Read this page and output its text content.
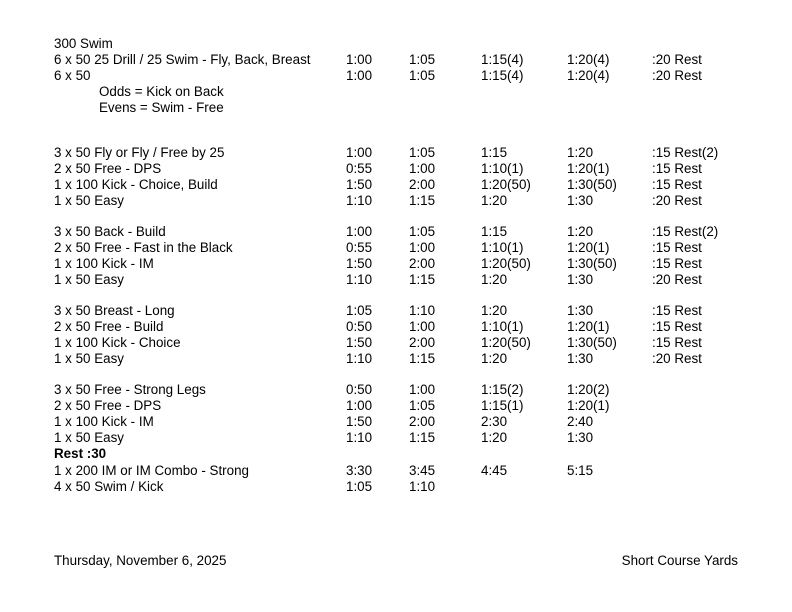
300 Swim
6 x 50 25 Drill / 25 Swim - Fly, Back, Breast	1:00	1:05	1:15(4)	1:20(4)	:20 Rest
6 x 50	1:00	1:05	1:15(4)	1:20(4)	:20 Rest
Odds = Kick on Back
Evens = Swim - Free
3 x 50 Fly or Fly / Free by 25	1:00	1:05	1:15	1:20	:15 Rest(2)
2 x 50 Free - DPS	0:55	1:00	1:10(1)	1:20(1)	:15 Rest
1 x 100 Kick - Choice, Build	1:50	2:00	1:20(50)	1:30(50)	:15 Rest
1 x 50 Easy	1:10	1:15	1:20	1:30	:20 Rest
3 x 50 Back - Build	1:00	1:05	1:15	1:20	:15 Rest(2)
2 x 50 Free - Fast in the Black	0:55	1:00	1:10(1)	1:20(1)	:15 Rest
1 x 100 Kick - IM	1:50	2:00	1:20(50)	1:30(50)	:15 Rest
1 x 50 Easy	1:10	1:15	1:20	1:30	:20 Rest
3 x 50 Breast - Long	1:05	1:10	1:20	1:30	:15 Rest
2 x 50 Free - Build	0:50	1:00	1:10(1)	1:20(1)	:15 Rest
1 x 100 Kick - Choice	1:50	2:00	1:20(50)	1:30(50)	:15 Rest
1 x 50 Easy	1:10	1:15	1:20	1:30	:20 Rest
3 x 50 Free - Strong Legs	0:50	1:00	1:15(2)	1:20(2)
2 x 50 Free - DPS	1:00	1:05	1:15(1)	1:20(1)
1 x 100 Kick - IM	1:50	2:00	2:30	2:40
1 x 50 Easy	1:10	1:15	1:20	1:30
Rest :30
1 x 200 IM or IM Combo - Strong	3:30	3:45	4:45	5:15
4 x 50 Swim / Kick	1:05	1:10
Thursday, November 6, 2025	Short Course Yards
